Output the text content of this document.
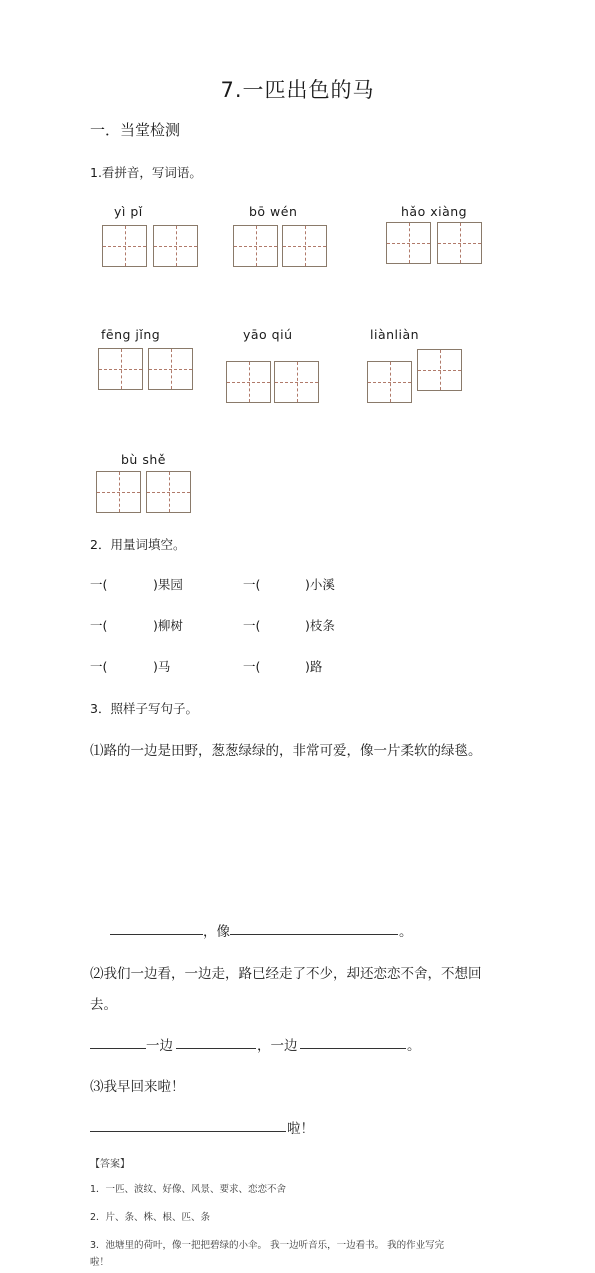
7.一匹出色的马
一．当堂检测
1.看拼音，写词语。
yì pǐ	bō wén	hǎo xiàng
fēng jǐng	yāo qiú	liànliàn
bù shě
2．用量词填空。
一(	)果园	一(	)小溪
一(	)柳树	一(	)枝条
一(	)马	一(	)路
3．照样子写句子。
⑴路的一边是田野，葱葱绿绿的，非常可爱，像一片柔软的绿毯。
，像	。
⑵我们一边看，一边走，路已经走了不少，却还恋恋不舍，不想回
去。
一边	，一边	。
⑶我早回来啦！
啦！
【答案】
1．一匹、波纹、好像、风景、要求、恋恋不舍
2．片、条、株、根、匹、条
3．池塘里的荷叶，像一把把碧绿的小伞。 我一边听音乐，一边看书。 我的作业写完
啦！
